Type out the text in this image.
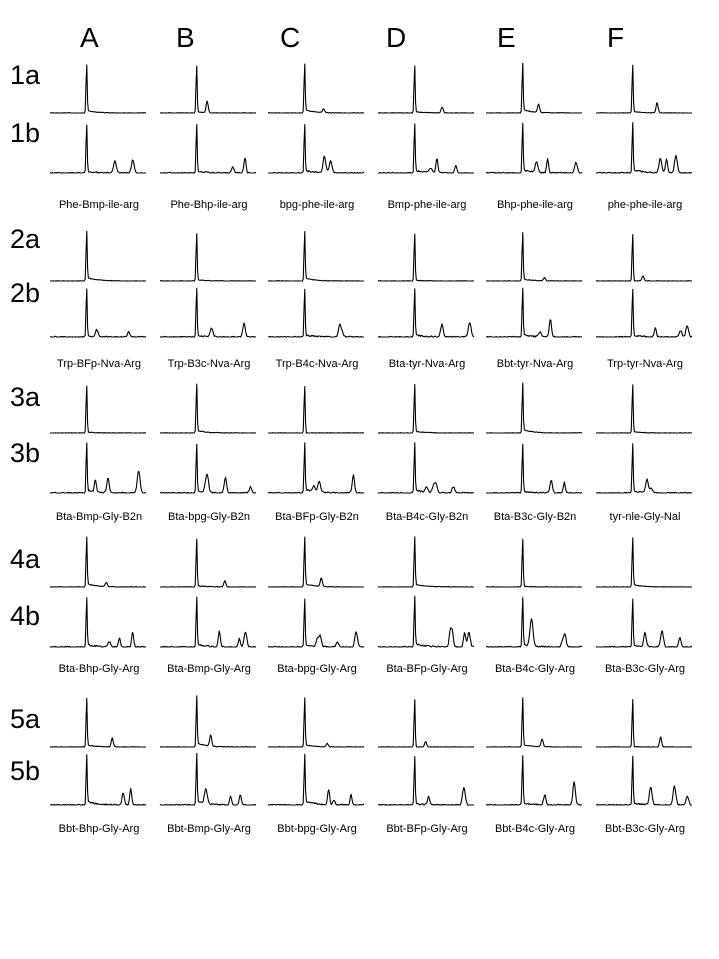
A	B	C	D	E	F
1a
1b
Phe-Bmp-ile-arg	Phe-Bhp-ile-arg	bpg-phe-ile-arg	Bmp-phe-ile-arg	Bhp-phe-ile-arg	phe-phe-ile-arg
2a
2b
Trp-BFp-Nva-Arg	Trp-B3c-Nva-Arg	Trp-B4c-Nva-Arg	Bta-tyr-Nva-Arg	Bbt-tyr-Nva-Arg	Trp-tyr-Nva-Arg
3a
3b
Bta-Bmp-Gly-B2n	Bta-bpg-Gly-B2n	Bta-BFp-Gly-B2n	Bta-B4c-Gly-B2n	Bta-B3c-Gly-B2n	tyr-nle-Gly-Nal
4a
4b
Bta-Bhp-Gly-Arg	Bta-Bmp-Gly-Arg	Bta-bpg-Gly-Arg	Bta-BFp-Gly-Arg	Bta-B4c-Gly-Arg	Bta-B3c-Gly-Arg
5a
5b
Bbt-Bhp-Gly-Arg	Bbt-Bmp-Gly-Arg	Bbt-bpg-Gly-Arg	Bbt-BFp-Gly-Arg	Bbt-B4c-Gly-Arg	Bbt-B3c-Gly-Arg
